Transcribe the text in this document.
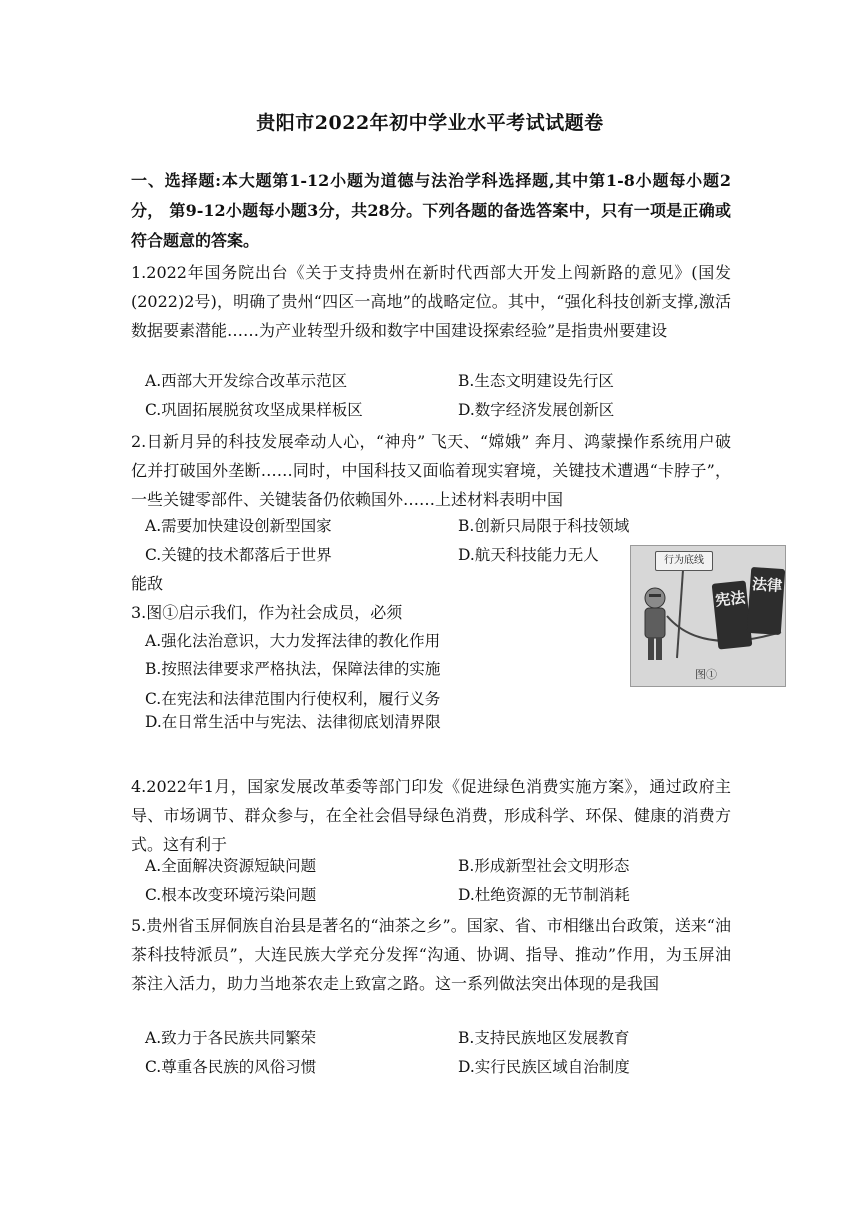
贵阳市2022年初中学业水平考试试题卷
一、选择题:本大题第1-12小题为道德与法治学科选择题,其中第1-8小题每小题2分， 第9-12小题每小题3分，共28分。下列各题的备选答案中，只有一项是正确或符合题意的答案。
1.2022年国务院出台《关于支持贵州在新时代西部大开发上闯新路的意见》(国发(2022)2号)，明确了贵州“四区一高地”的战略定位。其中，“强化科技创新支撑,激活数据要素潜能……为产业转型升级和数字中国建设探索经验”是指贵州要建设
A.西部大开发综合改革示范区	B.生态文明建设先行区
C.巩固拓展脱贫攻坚成果样板区	D.数字经济发展创新区
2.日新月异的科技发展牵动人心，“神舟” 飞天、“嫦娥” 奔月、鸿蒙操作系统用户破亿并打破国外垄断……同时，中国科技又面临着现实窘境，关键技术遭遇“卡脖子”，一些关键零部件、关键装备仍依赖国外……上述材料表明中国
A.需要加快建设创新型国家	B.创新只局限于科技领域
C.关键的技术都落后于世界	D.航天科技能力无人
能敌
3.图①启示我们，作为社会成员，必须
A.强化法治意识，大力发挥法律的教化作用
B.按照法律要求严格执法，保障法律的实施
C.在宪法和法律范围内行使权利，履行义务
D.在日常生活中与宪法、法律彻底划清界限
行为底线
宪法
法律
图①
4.2022年1月，国家发展改革委等部门印发《促进绿色消费实施方案》，通过政府主导、市场调节、群众参与，在全社会倡导绿色消费，形成科学、环保、健康的消费方式。这有利于
A.全面解决资源短缺问题	B.形成新型社会文明形态
C.根本改变环境污染问题	D.杜绝资源的无节制消耗
5.贵州省玉屏侗族自治县是著名的“油茶之乡”。国家、省、市相继出台政策，送来“油茶科技特派员”，大连民族大学充分发挥“沟通、协调、指导、推动”作用，为玉屏油茶注入活力，助力当地茶农走上致富之路。这一系列做法突出体现的是我国
A.致力于各民族共同繁荣	B.支持民族地区发展教育
C.尊重各民族的风俗习惯	D.实行民族区域自治制度
